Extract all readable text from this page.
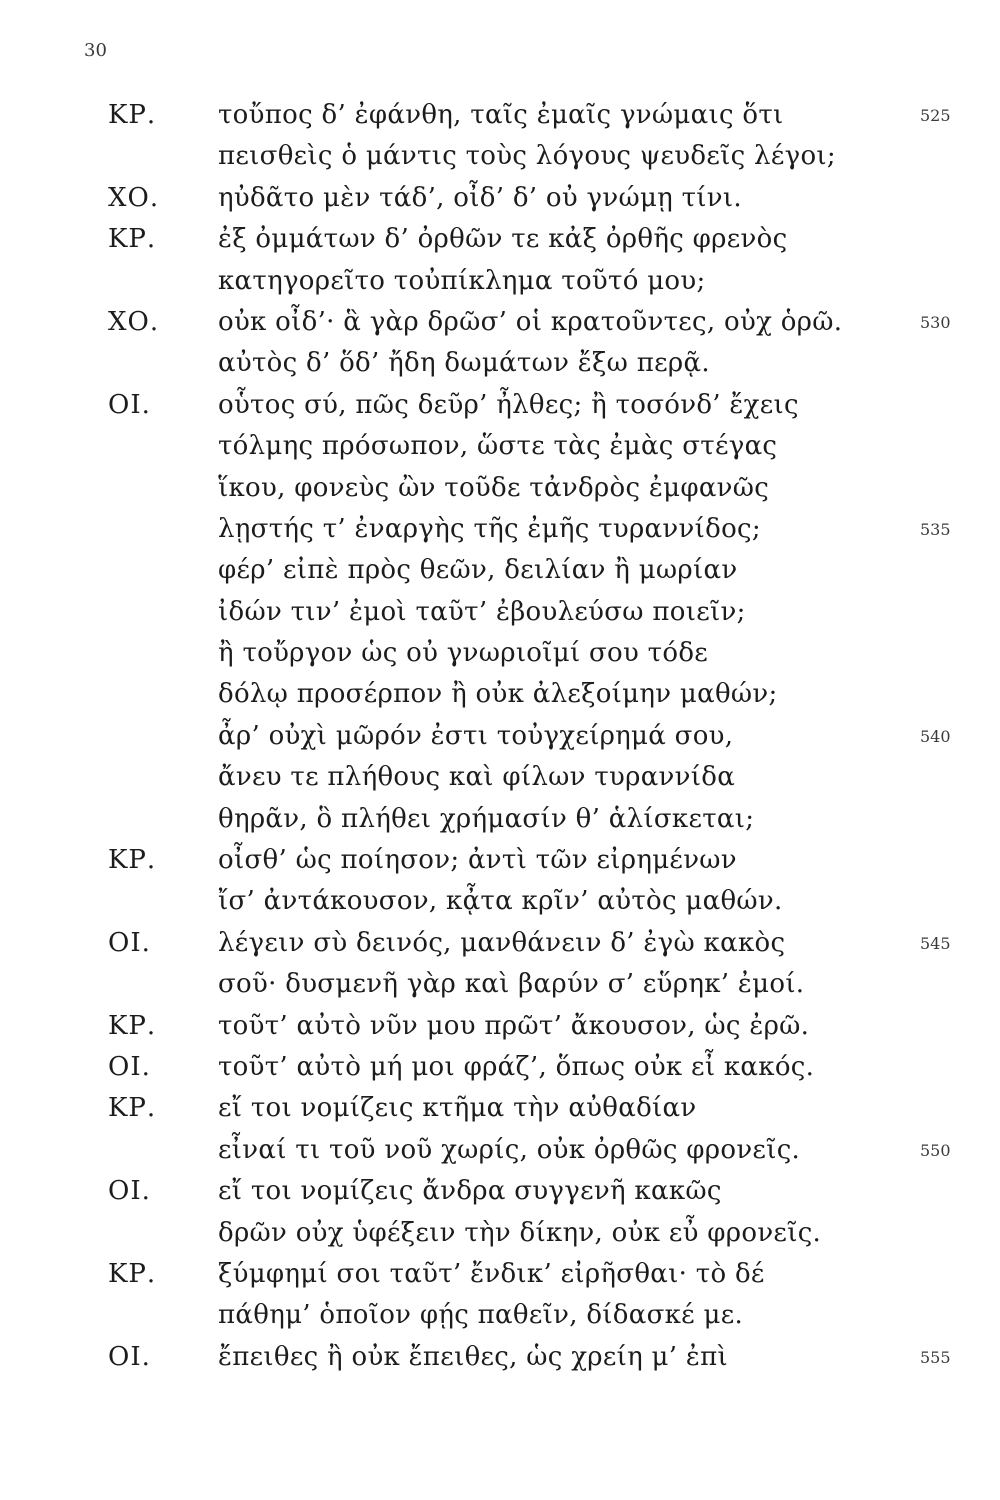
30
ΚΡ. τοὔπος δ’ ἐφάνθη, ταῖς ἐμαῖς γνώμαις ὅτι	525
πεισθεὶς ὁ μάντις τοὺς λόγους ψευδεῖς λέγοι;
ΧΟ. ηὐδᾶτο μὲν τάδ’, οἶδ’ δ’ οὐ γνώμῃ τίνι.
ΚΡ. ἐξ ὀμμάτων δ’ ὀρθῶν τε κἀξ ὀρθῆς φρενὸς
κατηγορεῖτο τοὐπίκλημα τοῦτό μου;
ΧΟ. οὐκ οἶδ’· ἃ γὰρ δρῶσ’ οἱ κρατοῦντες, οὐχ ὁρῶ.	530
αὐτὸς δ’ ὅδ’ ἤδη δωμάτων ἔξω περᾷ.
ΟΙ.	οὗτος σύ, πῶς δεῦρ’ ἦλθες; ἢ τοσόνδ’ ἔχεις
τόλμης πρόσωπον, ὥστε τὰς ἐμὰς στέγας
ἵκου, φονεὺς ὢν τοῦδε τἀνδρὸς ἐμφανῶς
λῃστής τ’ ἐναργὴς τῆς ἐμῆς τυραννίδος;	535
φέρ’ εἰπὲ πρὸς θεῶν, δειλίαν ἢ μωρίαν
ἰδών τιν’ ἐμοὶ ταῦτ’ ἐβουλεύσω ποιεῖν;
ἢ τοὔργον ὡς οὐ γνωριοῖμί σου τόδε
δόλῳ προσέρπον ἢ οὐκ ἀλεξοίμην μαθών;
ἆρ’ οὐχὶ μῶρόν ἐστι τοὐγχείρημά σου,	540
ἄνευ τε πλήθους καὶ φίλων τυραννίδα
θηρᾶν, ὃ πλήθει χρήμασίν θ’ ἁλίσκεται;
ΚΡ. οἶσθ’ ὡς ποίησον; ἀντὶ τῶν εἰρημένων
ἴσ’ ἀντάκουσον, κᾆτα κρῖν’ αὐτὸς μαθών.
ΟΙ.	λέγειν σὺ δεινός, μανθάνειν δ’ ἐγὼ κακὸς	545
σοῦ· δυσμενῆ γὰρ καὶ βαρύν σ’ εὕρηκ’ ἐμοί.
ΚΡ. τοῦτ’ αὐτὸ νῦν μου πρῶτ’ ἄκουσον, ὡς ἐρῶ.
ΟΙ.	τοῦτ’ αὐτὸ μή μοι φράζ’, ὅπως οὐκ εἶ κακός.
ΚΡ. εἴ τοι νομίζεις κτῆμα τὴν αὐθαδίαν
εἶναί τι τοῦ νοῦ χωρίς, οὐκ ὀρθῶς φρονεῖς.	550
ΟΙ.	εἴ τοι νομίζεις ἄνδρα συγγενῆ κακῶς
δρῶν οὐχ ὑφέξειν τὴν δίκην, οὐκ εὖ φρονεῖς.
ΚΡ. ξύμφημί σοι ταῦτ’ ἔνδικ’ εἰρῆσθαι· τὸ δέ
πάθημ’ ὁποῖον φῄς παθεῖν, δίδασκέ με.
ΟΙ.	ἔπειθες ἢ οὐκ ἔπειθες, ὡς χρείη μ’ ἐπὶ	555
